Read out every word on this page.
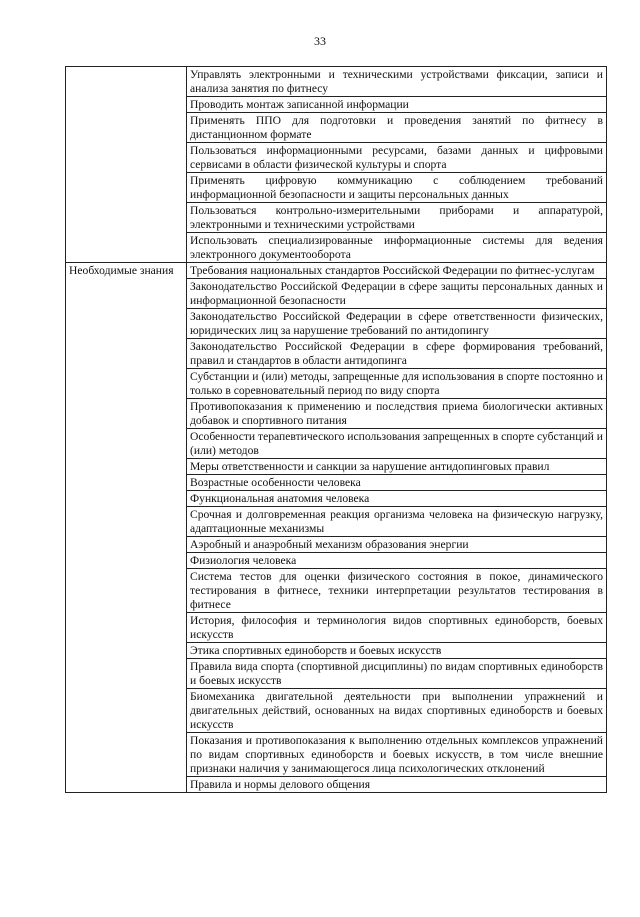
33
	Управлять электронными и техническими устройствами фиксации, записи и анализа занятия по фитнесу
	Проводить монтаж записанной информации
	Применять ППО для подготовки и проведения занятий по фитнесу в дистанционном формате
	Пользоваться информационными ресурсами, базами данных и цифровыми сервисами в области физической культуры и спорта
	Применять цифровую коммуникацию с соблюдением требований информационной безопасности и защиты персональных данных
	Пользоваться контрольно-измерительными приборами и аппаратурой, электронными и техническими устройствами
	Использовать специализированные информационные системы для ведения электронного документооборота
Необходимые знания	Требования национальных стандартов Российской Федерации по фитнес-услугам
	Законодательство Российской Федерации в сфере защиты персональных данных и информационной безопасности
	Законодательство Российской Федерации в сфере ответственности физических, юридических лиц за нарушение требований по антидопингу
	Законодательство Российской Федерации в сфере формирования требований, правил и стандартов в области антидопинга
	Субстанции и (или) методы, запрещенные для использования в спорте постоянно и только в соревновательный период по виду спорта
	Противопоказания к применению и последствия приема биологически активных добавок и спортивного питания
	Особенности терапевтического использования запрещенных в спорте субстанций и (или) методов
	Меры ответственности и санкции за нарушение антидопинговых правил
	Возрастные особенности человека
	Функциональная анатомия человека
	Срочная и долговременная реакция организма человека на физическую нагрузку, адаптационные механизмы
	Аэробный и анаэробный механизм образования энергии
	Физиология человека
	Система тестов для оценки физического состояния в покое, динамического тестирования в фитнесе, техники интерпретации результатов тестирования в фитнесе
	История, философия и терминология видов спортивных единоборств, боевых искусств
	Этика спортивных единоборств и боевых искусств
	Правила вида спорта (спортивной дисциплины) по видам спортивных единоборств и боевых искусств
	Биомеханика двигательной деятельности при выполнении упражнений и двигательных действий, основанных на видах спортивных единоборств и боевых искусств
	Показания и противопоказания к выполнению отдельных комплексов упражнений по видам спортивных единоборств и боевых искусств, в том числе внешние признаки наличия у занимающегося лица психологических отклонений
	Правила и нормы делового общения
